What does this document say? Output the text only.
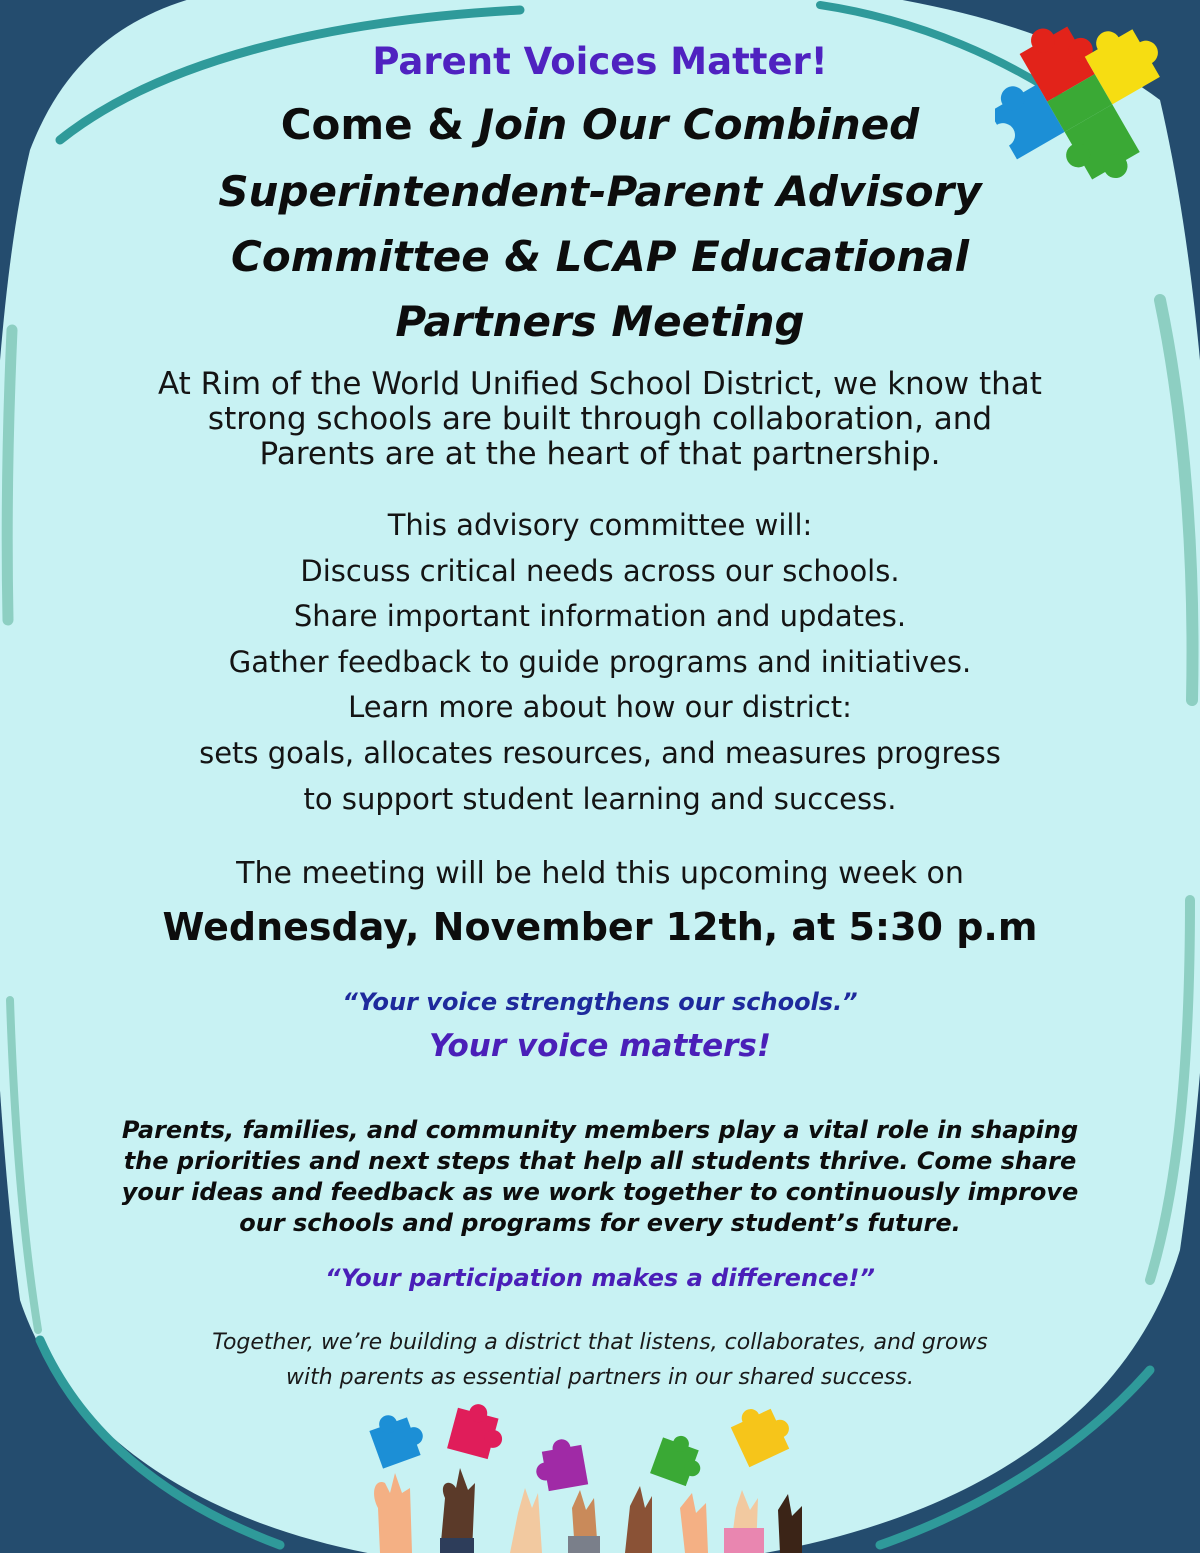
Parent Voices Matter!
Come & Join Our Combined
Superintendent-Parent Advisory
Committee & LCAP Educational
Partners Meeting
At Rim of the World Unified School District, we know that
strong schools are built through collaboration, and
Parents are at the heart of that partnership.
This advisory committee will:
Discuss critical needs across our schools.
Share important information and updates.
Gather feedback to guide programs and initiatives.
Learn more about how our district:
sets goals, allocates resources, and measures progress
to support student learning and success.
The meeting will be held this upcoming week on
Wednesday, November 12th, at 5:30 p.m
“Your voice strengthens our schools.”
Your voice matters!
Parents, families, and community members play a vital role in shaping
the priorities and next steps that help all students thrive. Come share
your ideas and feedback as we work together to continuously improve
our schools and programs for every student’s future.
“Your participation makes a difference!”
Together, we’re building a district that listens, collaborates, and grows
with parents as essential partners in our shared success.
